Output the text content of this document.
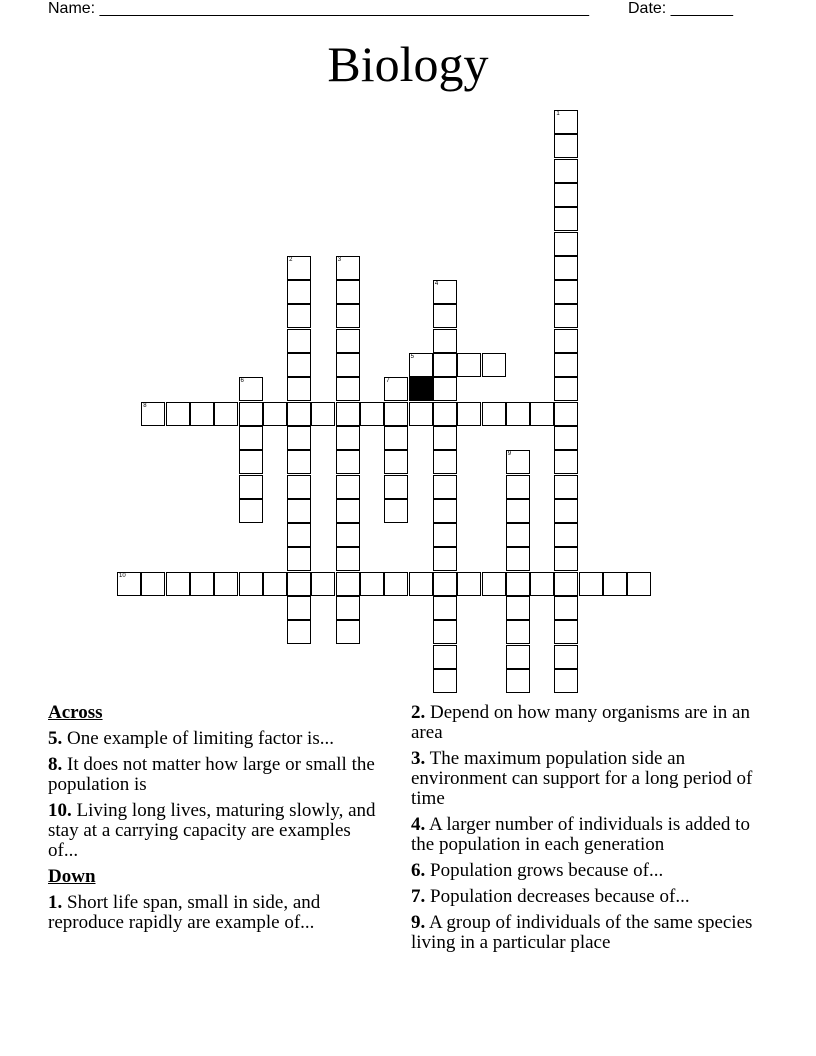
Name: _______________________________________________________ Date: _______
Biology
1
2	3
4
5
6	7
8
9
10
Across
5. One example of limiting factor is...
8. It does not matter how large or small the population is
10. Living long lives, maturing slowly, and stay at a carrying capacity are examples of...
Down
1. Short life span, small in side, and reproduce rapidly are example of...
2. Depend on how many organisms are in an area
3. The maximum population side an environment can support for a long period of time
4. A larger number of individuals is added to the population in each generation
6. Population grows because of...
7. Population decreases because of...
9. A group of individuals of the same species living in a particular place
